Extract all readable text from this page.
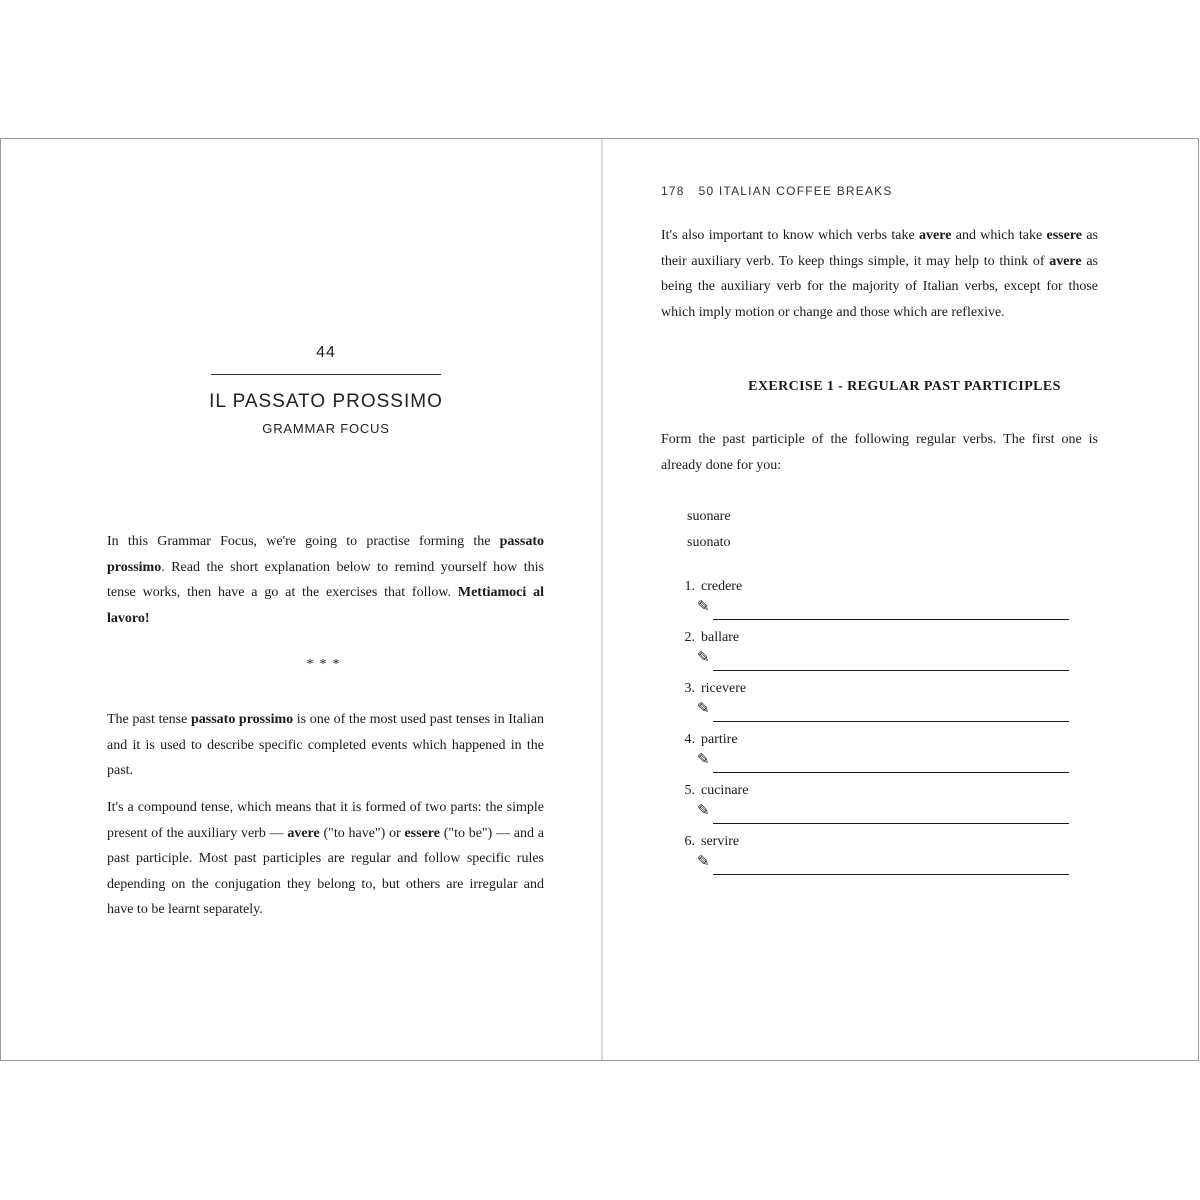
44
IL PASSATO PROSSIMO
GRAMMAR FOCUS

In this Grammar Focus, we're going to practise forming the passato prossimo. Read the short explanation below to remind yourself how this tense works, then have a go at the exercises that follow. Mettiamoci al lavoro!

***

The past tense passato prossimo is one of the most used past tenses in Italian and it is used to describe specific completed events which happened in the past.

It's a compound tense, which means that it is formed of two parts: the simple present of the auxiliary verb — avere ("to have") or essere ("to be") — and a past participle. Most past participles are regular and follow specific rules depending on the conjugation they belong to, but others are irregular and have to be learnt separately.

178 50 ITALIAN COFFEE BREAKS

It's also important to know which verbs take avere and which take essere as their auxiliary verb. To keep things simple, it may help to think of avere as being the auxiliary verb for the majority of Italian verbs, except for those which imply motion or change and those which are reflexive.

EXERCISE 1 - REGULAR PAST PARTICIPLES

Form the past participle of the following regular verbs. The first one is already done for you:

suonare
suonato
1. credere
✎
2. ballare
✎
3. ricevere
✎
4. partire
✎
5. cucinare
✎
6. servire
✎
